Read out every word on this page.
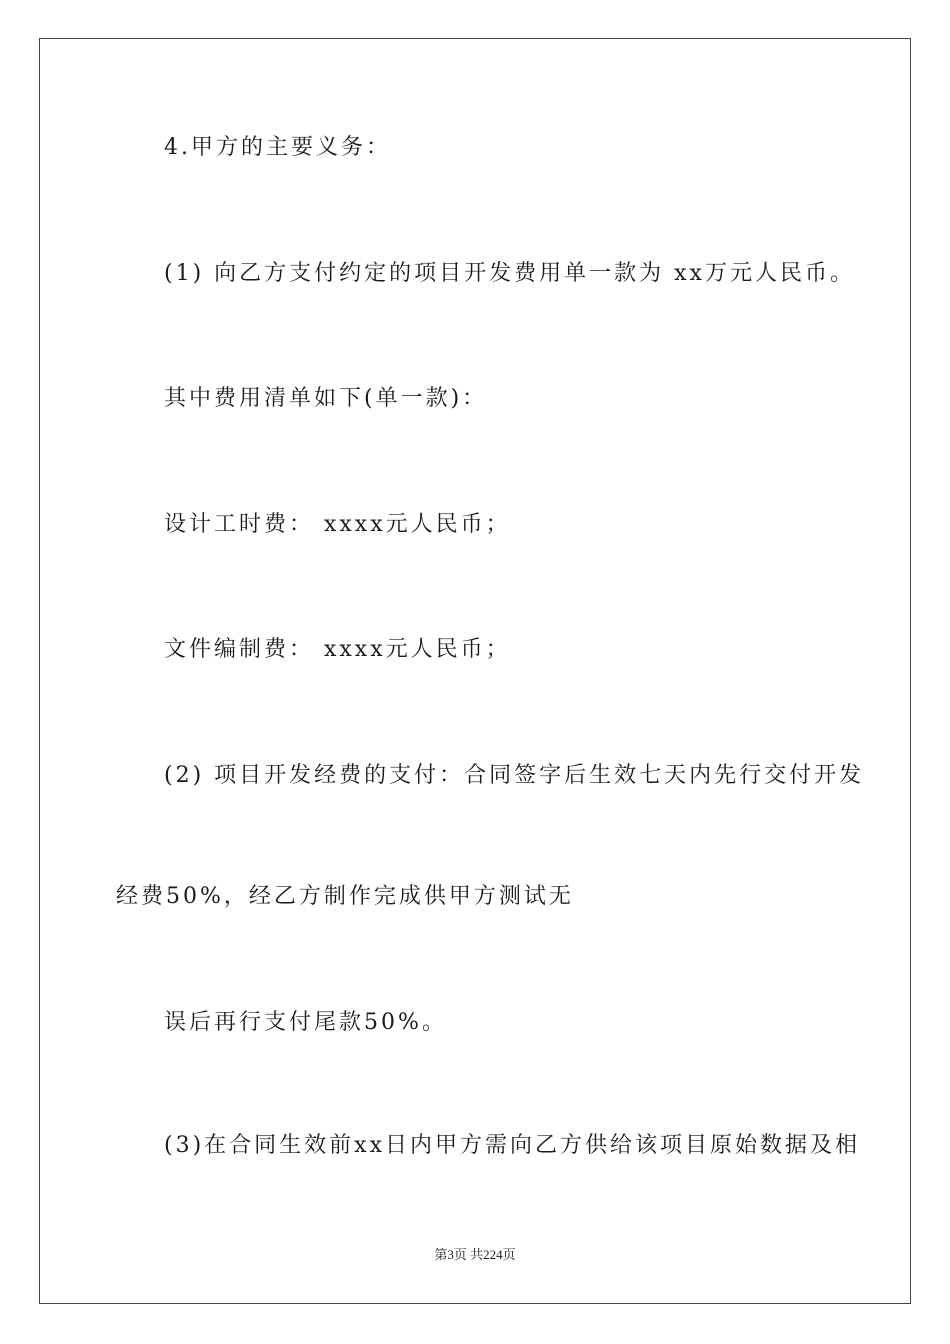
4.甲方的主要义务：
(1) 向乙方支付约定的项目开发费用单一款为 xx万元人民币。
其中费用清单如下(单一款)：
设计工时费： xxxx元人民币；
文件编制费： xxxx元人民币；
(2) 项目开发经费的支付：合同签字后生效七天内先行交付开发
经费50%，经乙方制作完成供甲方测试无
误后再行支付尾款50%。
(3)在合同生效前xx日内甲方需向乙方供给该项目原始数据及相
第3页 共224页
